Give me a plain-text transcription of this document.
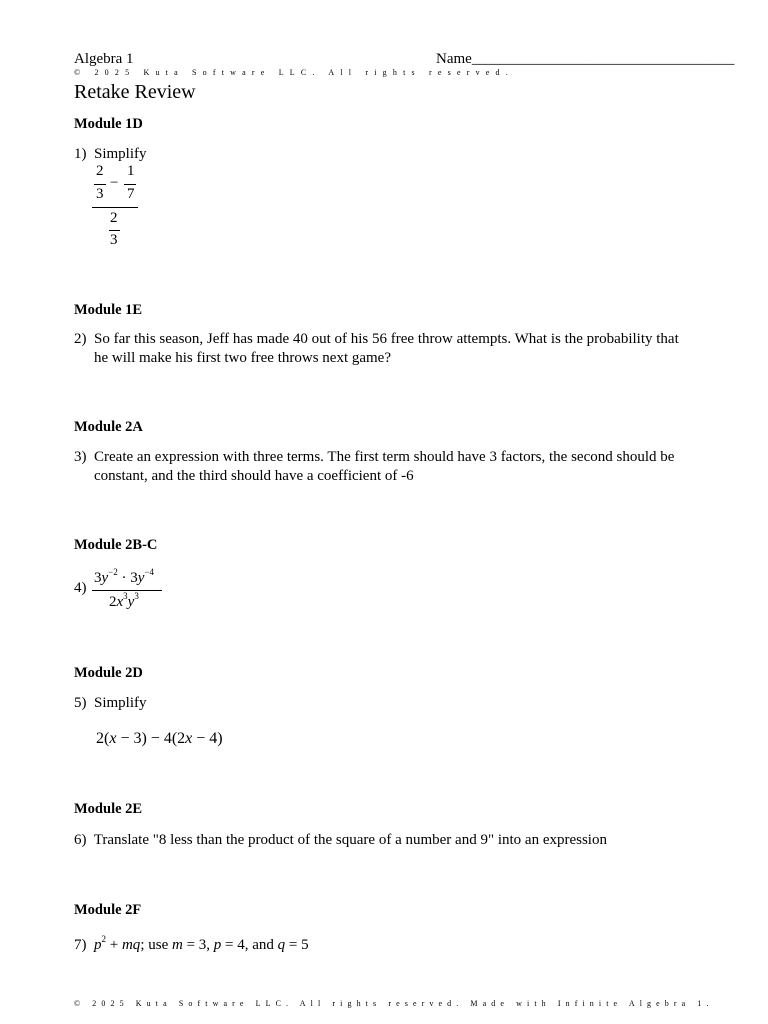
Algebra 1	Name___________________________________
© 2025 Kuta Software LLC. All rights reserved.
Retake Review
Module 1D
1) Simplify
2
3
−
1
7
2
3
Module 1E
2) So far this season, Jeff has made 40 out of his 56 free throw attempts. What is the probability that
he will make his first two free throws next game?
Module 2A
3) Create an expression with three terms. The first term should have 3 factors, the second should be
constant, and the third should have a coefficient of -6
Module 2B-C
4)
$3y^{-2} \cdot 3y^{-4}$
$2x^3y^3$
Module 2D
5) Simplify
2(x − 3) − 4(2x − 4)
Module 2E
6) Translate "8 less than the product of the square of a number and 9" into an expression
Module 2F
7) $p^2$ + mq; use m = 3, p = 4, and q = 5
© 2025 Kuta Software LLC. All rights reserved. Made with Infinite Algebra 1.
